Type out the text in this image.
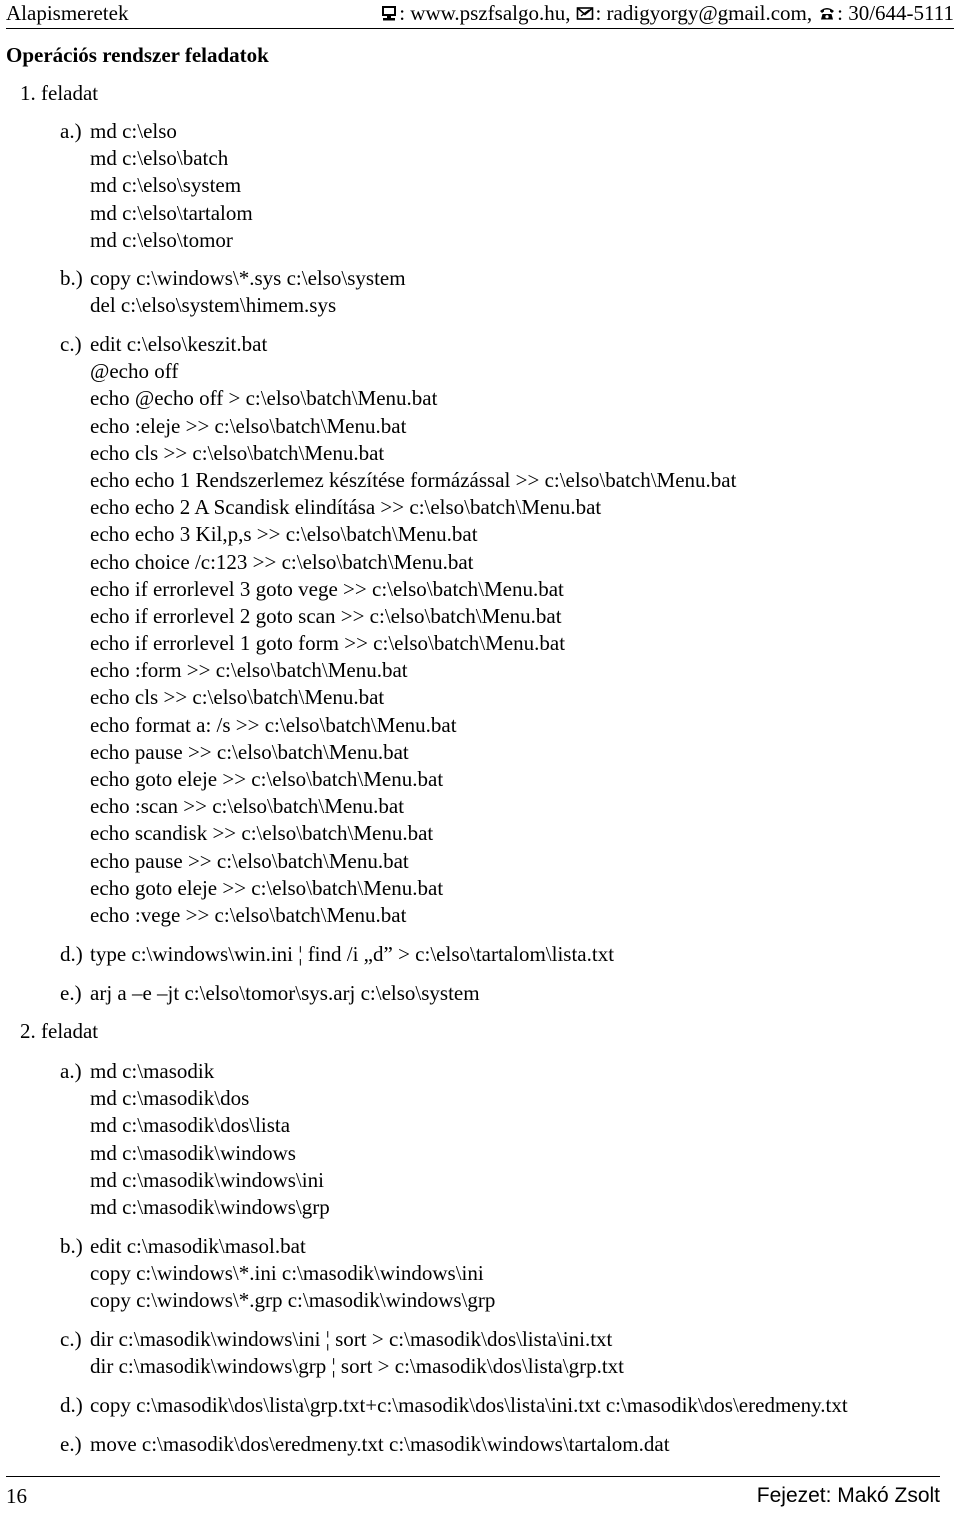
Alapismeretek	: www.pszfsalgo.hu, : radigyorgy@gmail.com, : 30/644-5111
Operációs rendszer feladatok
1. feladat
a.) md c:\elso
md c:\elso\batch
md c:\elso\system
md c:\elso\tartalom
md c:\elso\tomor
b.) copy c:\windows\*.sys c:\elso\system
del c:\elso\system\himem.sys
c.) edit c:\elso\keszit.bat
@echo off
echo @echo off > c:\elso\batch\Menu.bat
echo :eleje >> c:\elso\batch\Menu.bat
echo cls >> c:\elso\batch\Menu.bat
echo echo 1 Rendszerlemez készítése formázással >> c:\elso\batch\Menu.bat
echo echo 2 A Scandisk elindítása >> c:\elso\batch\Menu.bat
echo echo 3 Kil,p,s >> c:\elso\batch\Menu.bat
echo choice /c:123 >> c:\elso\batch\Menu.bat
echo if errorlevel 3 goto vege >> c:\elso\batch\Menu.bat
echo if errorlevel 2 goto scan >> c:\elso\batch\Menu.bat
echo if errorlevel 1 goto form >> c:\elso\batch\Menu.bat
echo :form >> c:\elso\batch\Menu.bat
echo cls >> c:\elso\batch\Menu.bat
echo format a: /s >> c:\elso\batch\Menu.bat
echo pause >> c:\elso\batch\Menu.bat
echo goto eleje >> c:\elso\batch\Menu.bat
echo :scan >> c:\elso\batch\Menu.bat
echo scandisk >> c:\elso\batch\Menu.bat
echo pause >> c:\elso\batch\Menu.bat
echo goto eleje >> c:\elso\batch\Menu.bat
echo :vege >> c:\elso\batch\Menu.bat
d.) type c:\windows\win.ini ¦ find /i „d” > c:\elso\tartalom\lista.txt
e.) arj a –e –jt c:\elso\tomor\sys.arj c:\elso\system
2. feladat
a.) md c:\masodik
md c:\masodik\dos
md c:\masodik\dos\lista
md c:\masodik\windows
md c:\masodik\windows\ini
md c:\masodik\windows\grp
b.) edit c:\masodik\masol.bat
copy c:\windows\*.ini c:\masodik\windows\ini
copy c:\windows\*.grp c:\masodik\windows\grp
c.) dir c:\masodik\windows\ini ¦ sort > c:\masodik\dos\lista\ini.txt
dir c:\masodik\windows\grp ¦ sort > c:\masodik\dos\lista\grp.txt
d.) copy c:\masodik\dos\lista\grp.txt+c:\masodik\dos\lista\ini.txt c:\masodik\dos\eredmeny.txt
e.) move c:\masodik\dos\eredmeny.txt c:\masodik\windows\tartalom.dat
16	Fejezet: Makó Zsolt
